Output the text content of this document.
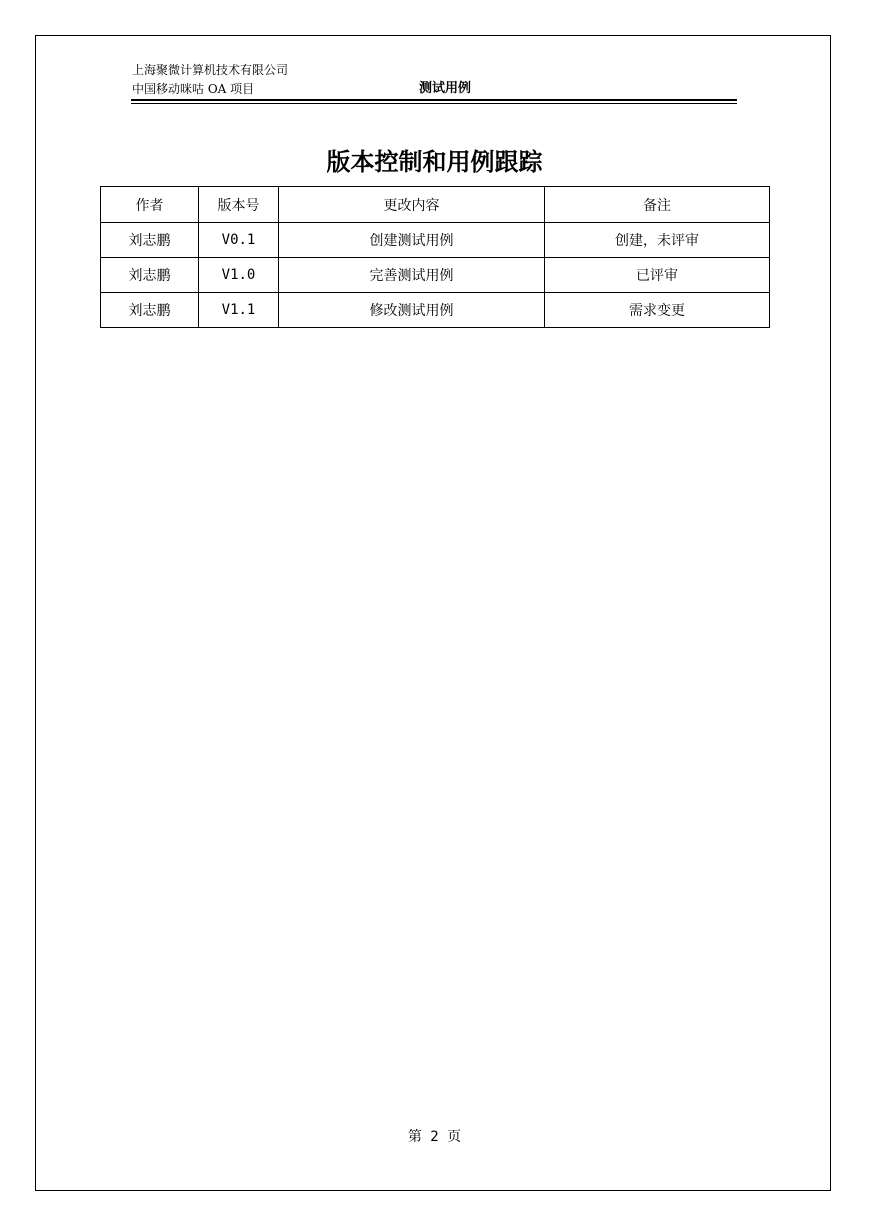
上海聚微计算机技术有限公司
中国移动咪咕 OA 项目	测试用例
版本控制和用例跟踪
作者	版本号	更改内容	备注
刘志鹏	V0.1	创建测试用例	创建，未评审
刘志鹏	V1.0	完善测试用例	已评审
刘志鹏	V1.1	修改测试用例	需求变更
第 2 页
